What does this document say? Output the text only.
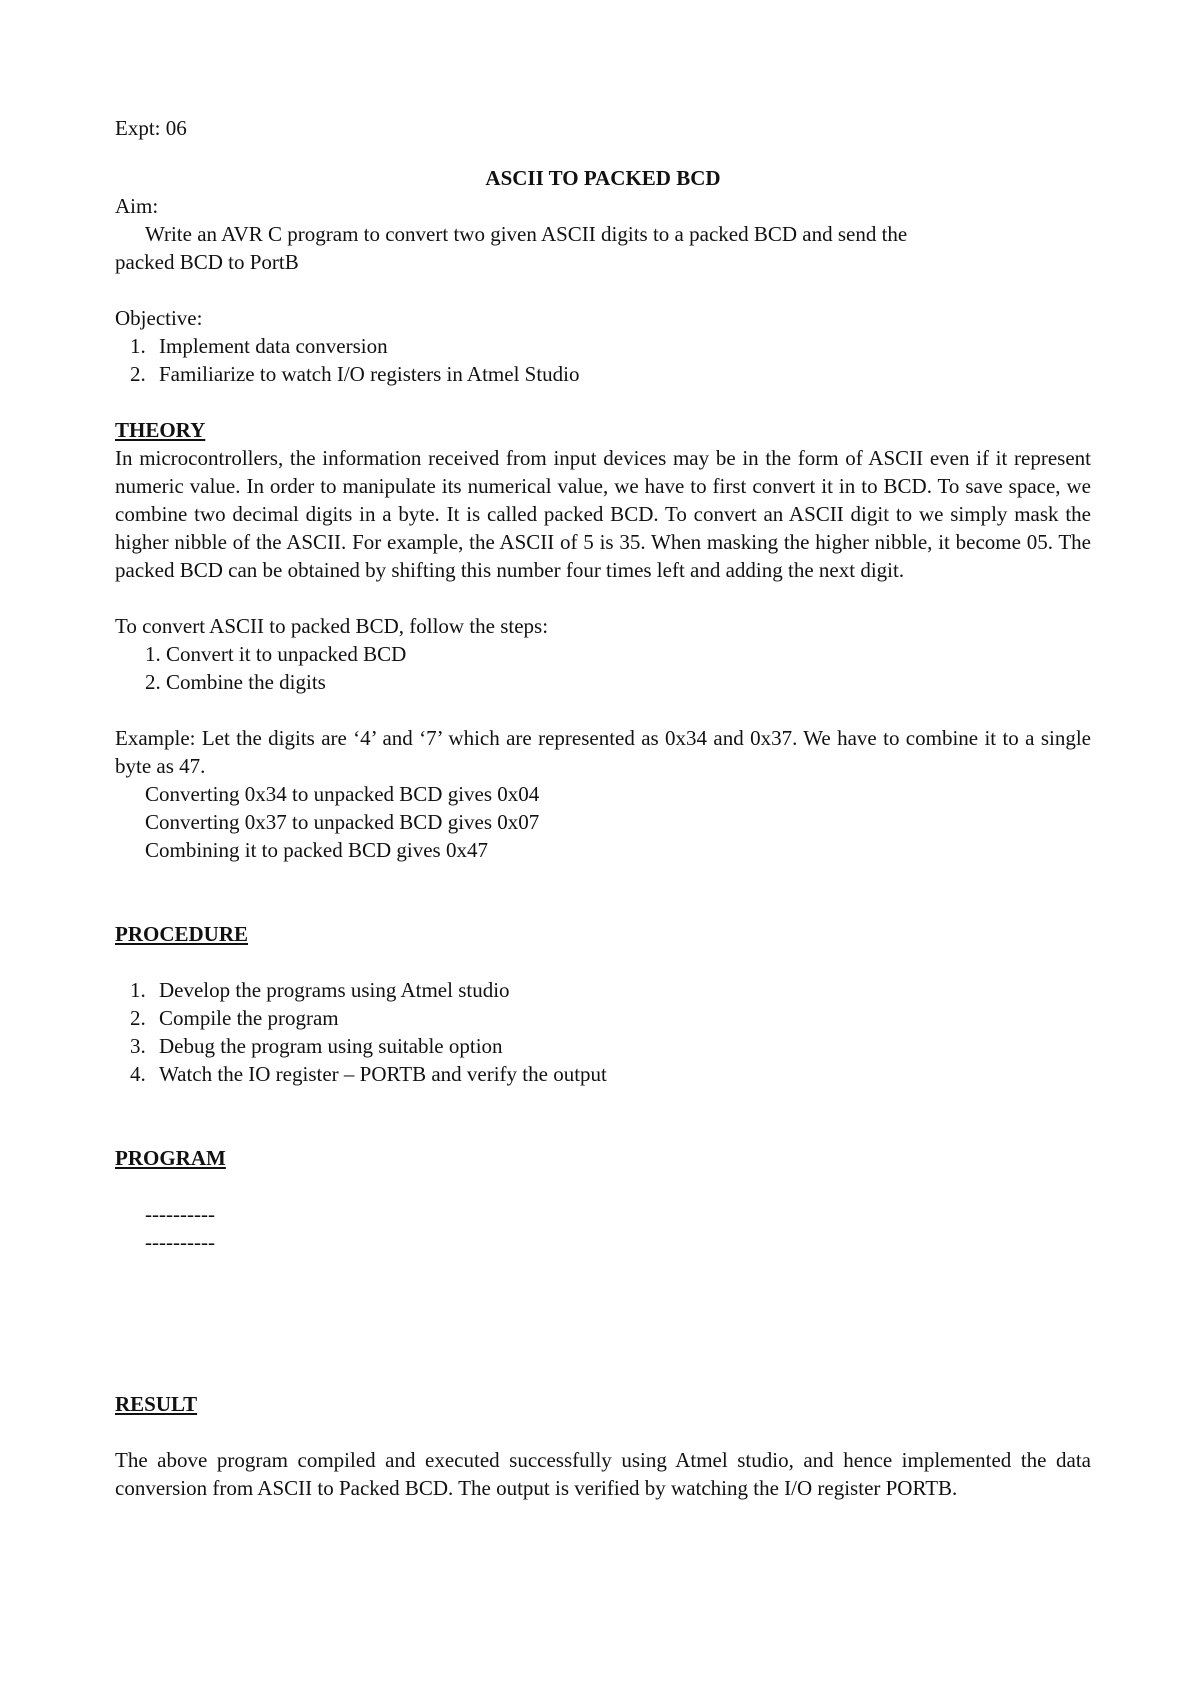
Expt: 06

ASCII TO PACKED BCD

Aim:

Write an AVR C program to convert two given ASCII digits to a packed BCD and send the

packed BCD to PortB

Objective:

1. Implement data conversion
2. Familiarize to watch I/O registers in Atmel Studio

THEORY

In microcontrollers, the information received from input devices may be in the form of ASCII even if it represent numeric value. In order to manipulate its numerical value, we have to first convert it in to BCD. To save space, we combine two decimal digits in a byte. It is called packed BCD. To convert an ASCII digit to we simply mask the higher nibble of the ASCII. For example, the ASCII of 5 is 35. When masking the higher nibble, it become 05. The packed BCD can be obtained by shifting this number four times left and adding the next digit.

To convert ASCII to packed BCD, follow the steps:

1. Convert it to unpacked BCD

2. Combine the digits

Example: Let the digits are ‘4’ and ‘7’ which are represented as 0x34 and 0x37. We have to combine it to a single byte as 47.

Converting 0x34 to unpacked BCD gives 0x04

Converting 0x37 to unpacked BCD gives 0x07

Combining it to packed BCD gives 0x47

PROCEDURE

1. Develop the programs using Atmel studio
2. Compile the program
3. Debug the program using suitable option
4. Watch the IO register – PORTB and verify the output

PROGRAM

----------

----------

RESULT

The above program compiled and executed successfully using Atmel studio, and hence implemented the data conversion from ASCII to Packed BCD. The output is verified by watching the I/O register PORTB.
